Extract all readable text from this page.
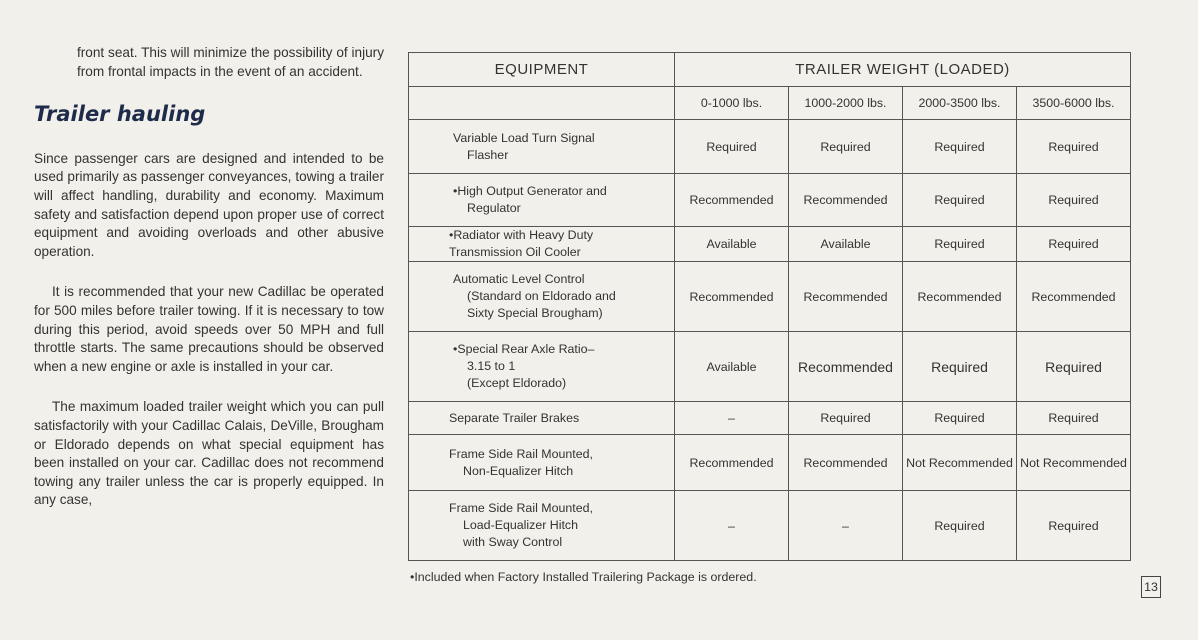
front seat. This will minimize the possibility of injury from frontal impacts in the event of an accident.
Trailer hauling

Since passenger cars are designed and intended to be used primarily as passenger conveyances, towing a trailer will affect handling, durability and economy. Maximum safety and satisfaction depend upon proper use of correct equipment and avoiding overloads and other abusive operation.

It is recommended that your new Cadillac be operated for 500 miles before trailer towing. If it is necessary to tow during this period, avoid speeds over 50 MPH and full throttle starts. The same precautions should be observed when a new engine or axle is installed in your car.

The maximum loaded trailer weight which you can pull satisfactorily with your Cadillac Calais, DeVille, Brougham or Eldorado depends on what special equipment has been installed on your car. Cadillac does not recommend towing any trailer unless the car is properly equipped. In any case,

EQUIPMENT	TRAILER WEIGHT (LOADED)			
	0-1000 lbs.	1000-2000 lbs.	2000-3500 lbs.	3500-6000 lbs.
Variable Load Turn Signal
Flasher	Required	Required	Required	Required
•High Output Generator and
Regulator	Recommended	Recommended	Required	Required
•Radiator with Heavy Duty
Transmission Oil Cooler	Available	Available	Required	Required
Automatic Level Control
(Standard on Eldorado and
Sixty Special Brougham)	Recommended	Recommended	Recommended	Recommended
•Special Rear Axle Ratio–
3.15 to 1
(Except Eldorado)	Available	Recommended	Required	Required
Separate Trailer Brakes	–	Required	Required	Required
Frame Side Rail Mounted,
Non-Equalizer Hitch	Recommended	Recommended	Not Recommended	Not Recommended
Frame Side Rail Mounted,
Load-Equalizer Hitch
with Sway Control	–	–	Required	Required
•Included when Factory Installed Trailering Package is ordered.
13
